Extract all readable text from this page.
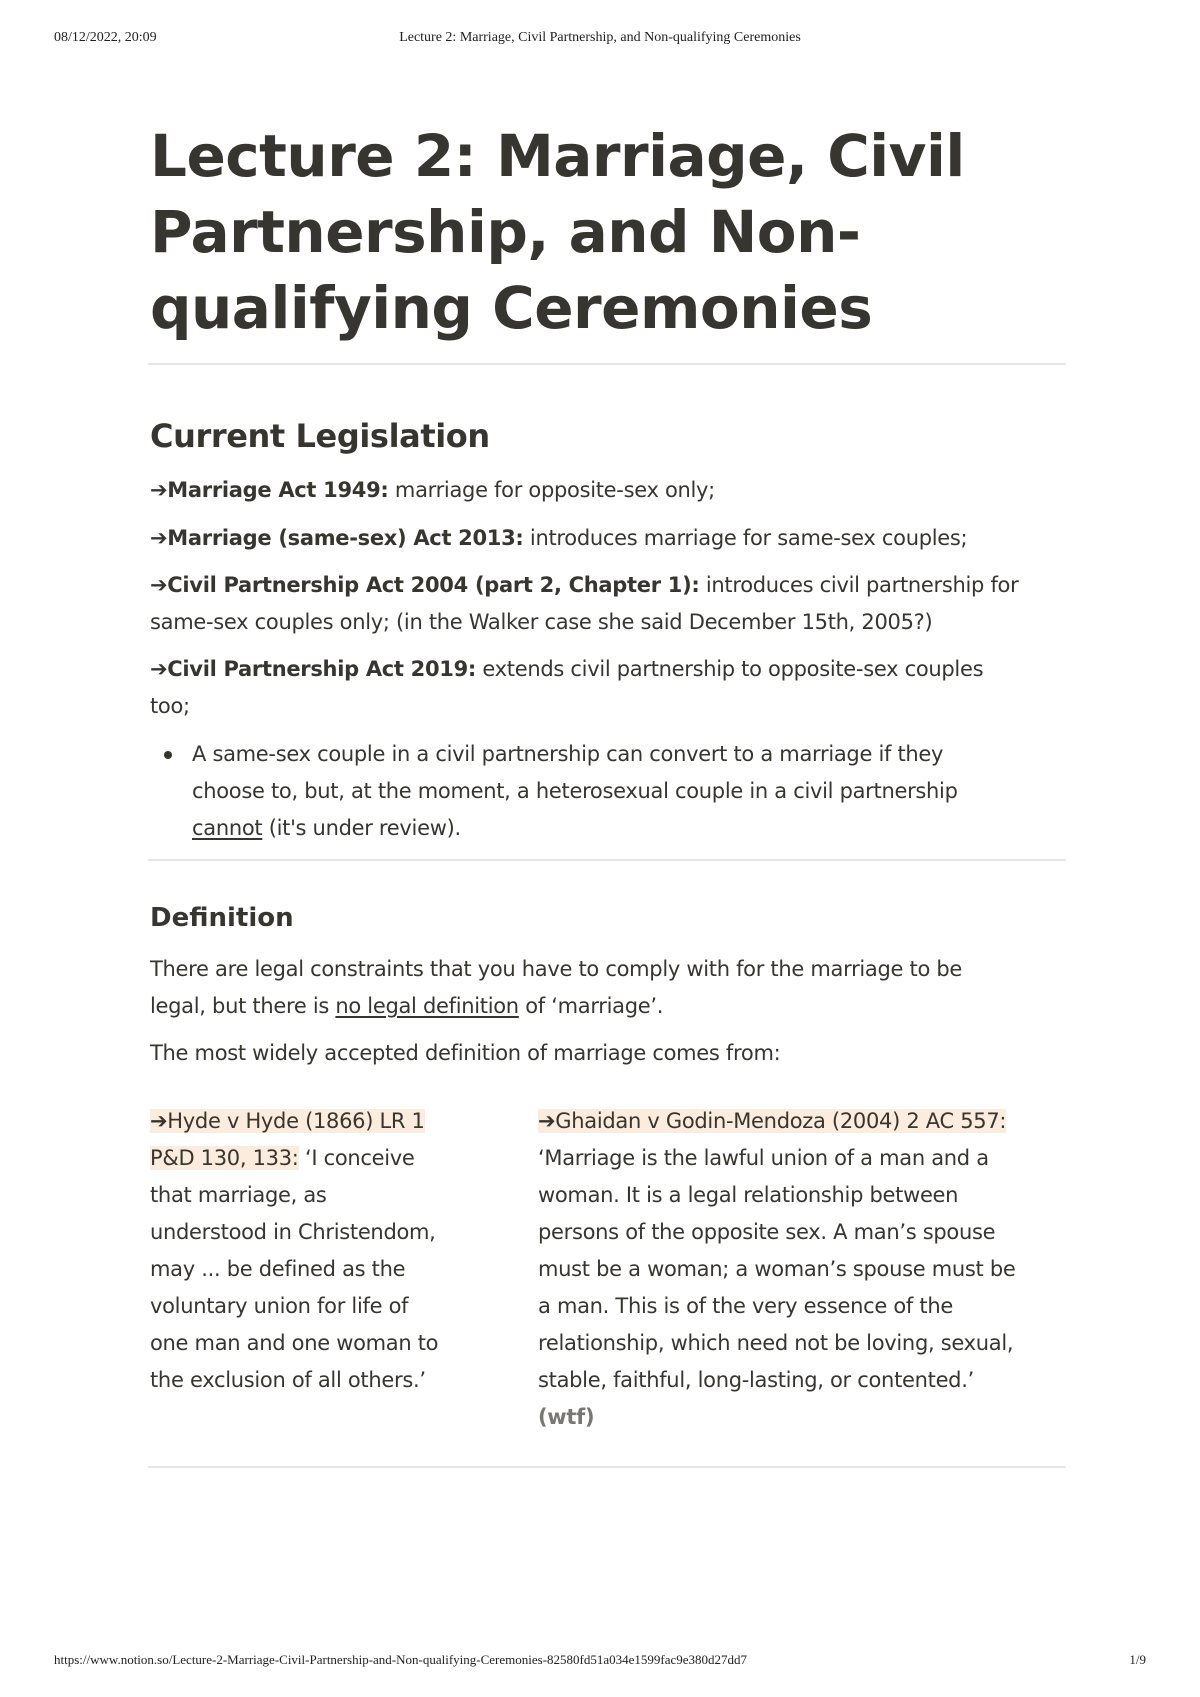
08/12/2022, 20:09	Lecture 2: Marriage, Civil Partnership, and Non-qualifying Ceremonies
Lecture 2: Marriage, Civil
Partnership, and Non-
qualifying Ceremonies
Current Legislation

➔Marriage Act 1949: marriage for opposite-sex only;

➔Marriage (same-sex) Act 2013: introduces marriage for same-sex couples;

➔Civil Partnership Act 2004 (part 2, Chapter 1): introduces civil partnership for
same-sex couples only; (in the Walker case she said December 15th, 2005?)

➔Civil Partnership Act 2019: extends civil partnership to opposite-sex couples
too;

A same-sex couple in a civil partnership can convert to a marriage if they
choose to, but, at the moment, a heterosexual couple in a civil partnership
cannot (it's under review).
Definition

There are legal constraints that you have to comply with for the marriage to be
legal, but there is no legal definition of ‘marriage’.

The most widely accepted definition of marriage comes from:

➔Hyde v Hyde (1866) LR 1
P&D 130, 133: ‘I conceive
that marriage, as
understood in Christendom,
may ... be defined as the
voluntary union for life of
one man and one woman to
the exclusion of all others.’
➔Ghaidan v Godin-Mendoza (2004) 2 AC 557:
‘Marriage is the lawful union of a man and a
woman. It is a legal relationship between
persons of the opposite sex. A man’s spouse
must be a woman; a woman’s spouse must be
a man. This is of the very essence of the
relationship, which need not be loving, sexual,
stable, faithful, long-lasting, or contented.’
(wtf)
https://www.notion.so/Lecture-2-Marriage-Civil-Partnership-and-Non-qualifying-Ceremonies-82580fd51a034e1599fac9e380d27dd7	1/9
